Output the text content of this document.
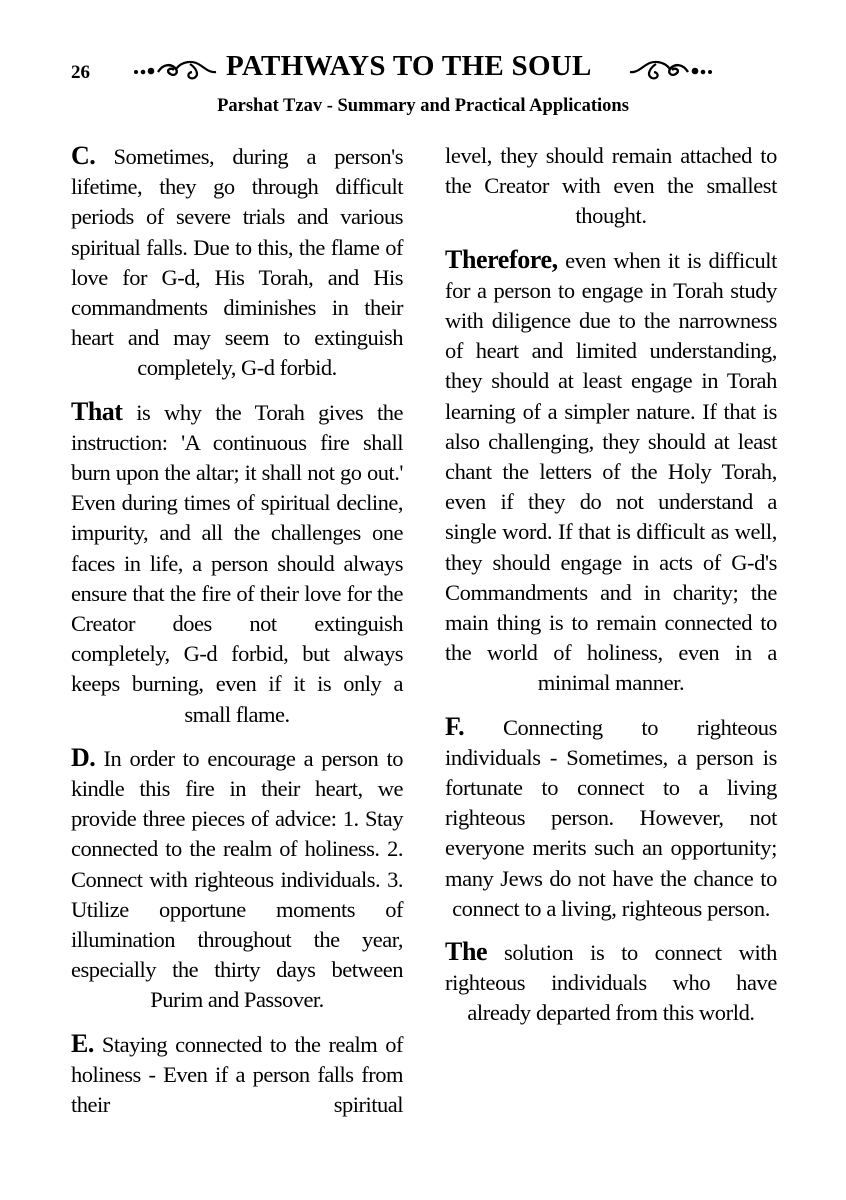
26	PATHWAYS TO THE SOUL
Parshat Tzav - Summary and Practical Applications

C. Sometimes, during a person's lifetime, they go through difficult periods of severe trials and various spiritual falls. Due to this, the flame of love for G-d, His Torah, and His commandments diminishes in their heart and may seem to extinguish completely, G-d forbid.

That is why the Torah gives the instruction: 'A continuous fire shall burn upon the altar; it shall not go out.' Even during times of spiritual decline, impurity, and all the challenges one faces in life, a person should always ensure that the fire of their love for the Creator does not extinguish completely, G-d forbid, but always keeps burning, even if it is only a small flame.

D. In order to encourage a person to kindle this fire in their heart, we provide three pieces of advice: 1. Stay connected to the realm of holiness. 2. Connect with righteous individuals. 3. Utilize opportune moments of illumination throughout the year, especially the thirty days between Purim and Passover.

E. Staying connected to the realm of holiness - Even if a person falls from their spiritual

level, they should remain attached to the Creator with even the smallest thought.

Therefore, even when it is difficult for a person to engage in Torah study with diligence due to the narrowness of heart and limited understanding, they should at least engage in Torah learning of a simpler nature. If that is also challenging, they should at least chant the letters of the Holy Torah, even if they do not understand a single word. If that is difficult as well, they should engage in acts of G-d's Commandments and in charity; the main thing is to remain connected to the world of holiness, even in a minimal manner.

F. Connecting to righteous individuals - Sometimes, a person is fortunate to connect to a living righteous person. However, not everyone merits such an opportunity; many Jews do not have the chance to connect to a living, righteous person.

The solution is to connect with righteous individuals who have already departed from this world.
